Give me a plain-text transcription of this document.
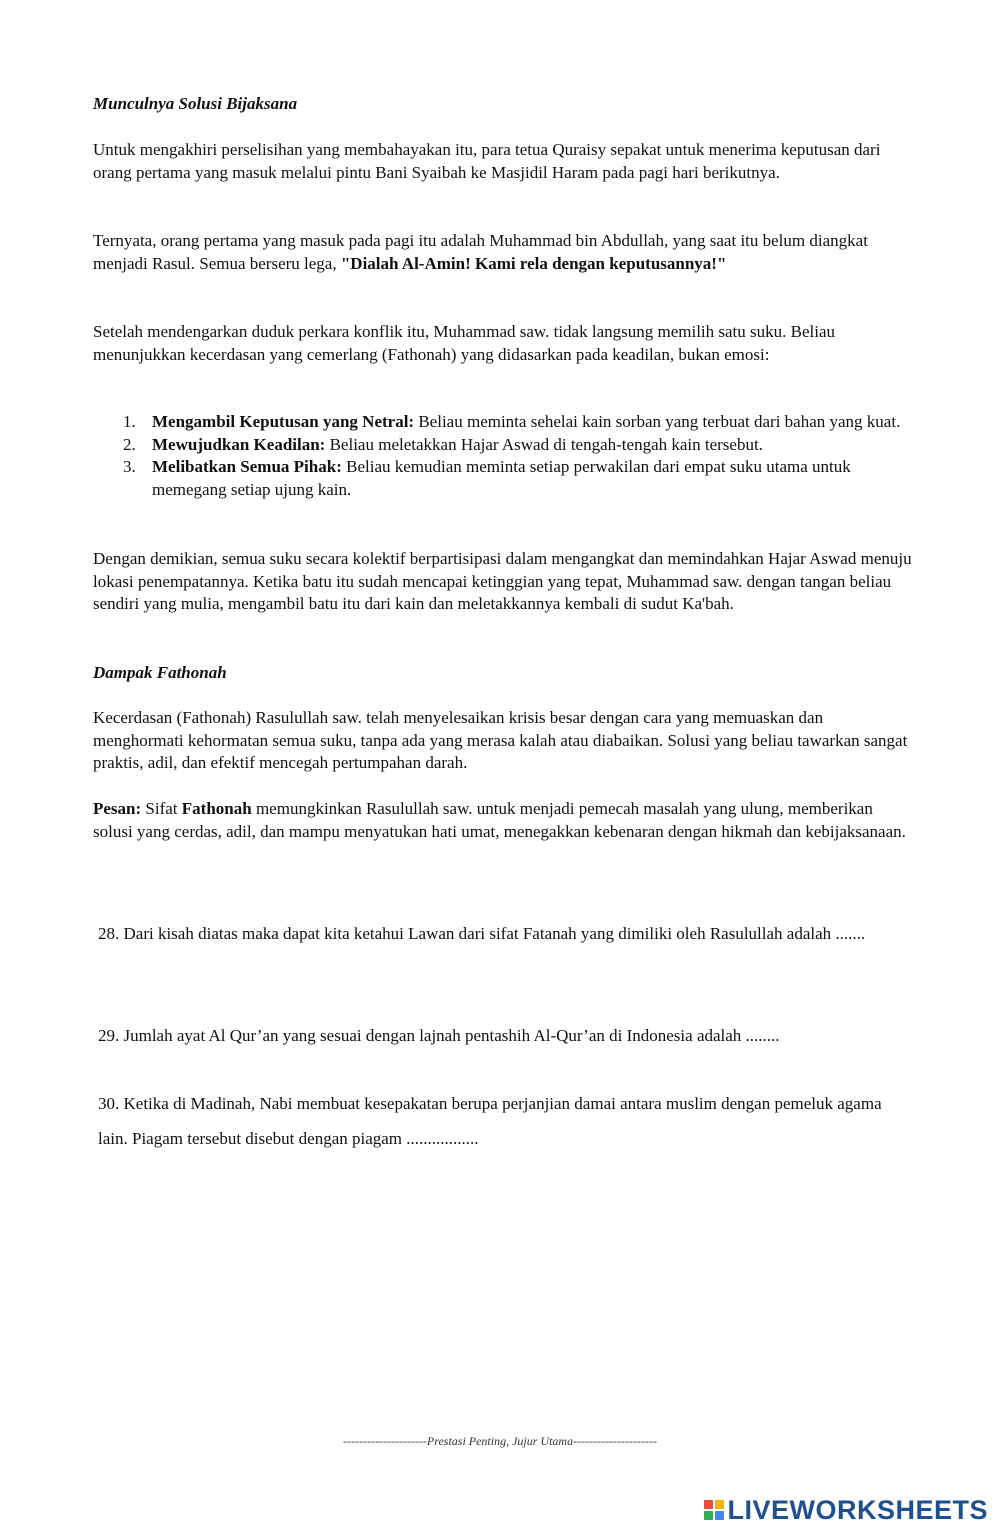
Munculnya Solusi Bijaksana

Untuk mengakhiri perselisihan yang membahayakan itu, para tetua Quraisy sepakat untuk menerima keputusan dari orang pertama yang masuk melalui pintu Bani Syaibah ke Masjidil Haram pada pagi hari berikutnya.

Ternyata, orang pertama yang masuk pada pagi itu adalah Muhammad bin Abdullah, yang saat itu belum diangkat menjadi Rasul. Semua berseru lega, "Dialah Al-Amin! Kami rela dengan keputusannya!"

Setelah mendengarkan duduk perkara konflik itu, Muhammad saw. tidak langsung memilih satu suku. Beliau menunjukkan kecerdasan yang cemerlang (Fathonah) yang didasarkan pada keadilan, bukan emosi:

1. Mengambil Keputusan yang Netral: Beliau meminta sehelai kain sorban yang terbuat dari bahan yang kuat.
2. Mewujudkan Keadilan: Beliau meletakkan Hajar Aswad di tengah-tengah kain tersebut.
3. Melibatkan Semua Pihak: Beliau kemudian meminta setiap perwakilan dari empat suku utama untuk memegang setiap ujung kain.

Dengan demikian, semua suku secara kolektif berpartisipasi dalam mengangkat dan memindahkan Hajar Aswad menuju lokasi penempatannya. Ketika batu itu sudah mencapai ketinggian yang tepat, Muhammad saw. dengan tangan beliau sendiri yang mulia, mengambil batu itu dari kain dan meletakkannya kembali di sudut Ka'bah.

Dampak Fathonah

Kecerdasan (Fathonah) Rasulullah saw. telah menyelesaikan krisis besar dengan cara yang memuaskan dan menghormati kehormatan semua suku, tanpa ada yang merasa kalah atau diabaikan. Solusi yang beliau tawarkan sangat praktis, adil, dan efektif mencegah pertumpahan darah.

Pesan: Sifat Fathonah memungkinkan Rasulullah saw. untuk menjadi pemecah masalah yang ulung, memberikan solusi yang cerdas, adil, dan mampu menyatukan hati umat, menegakkan kebenaran dengan hikmah dan kebijaksanaan.

28. Dari kisah diatas maka dapat kita ketahui Lawan dari sifat Fatanah yang dimiliki oleh Rasulullah adalah .......

29. Jumlah ayat Al Qur’an yang sesuai dengan lajnah pentashih Al-Qur’an di Indonesia adalah ........

30. Ketika di Madinah, Nabi membuat kesepakatan berupa perjanjian damai antara muslim dengan pemeluk agama lain. Piagam tersebut disebut dengan piagam .................

---------------------Prestasi Penting, Jujur Utama---------------------
LIVEWORKSHEETS
